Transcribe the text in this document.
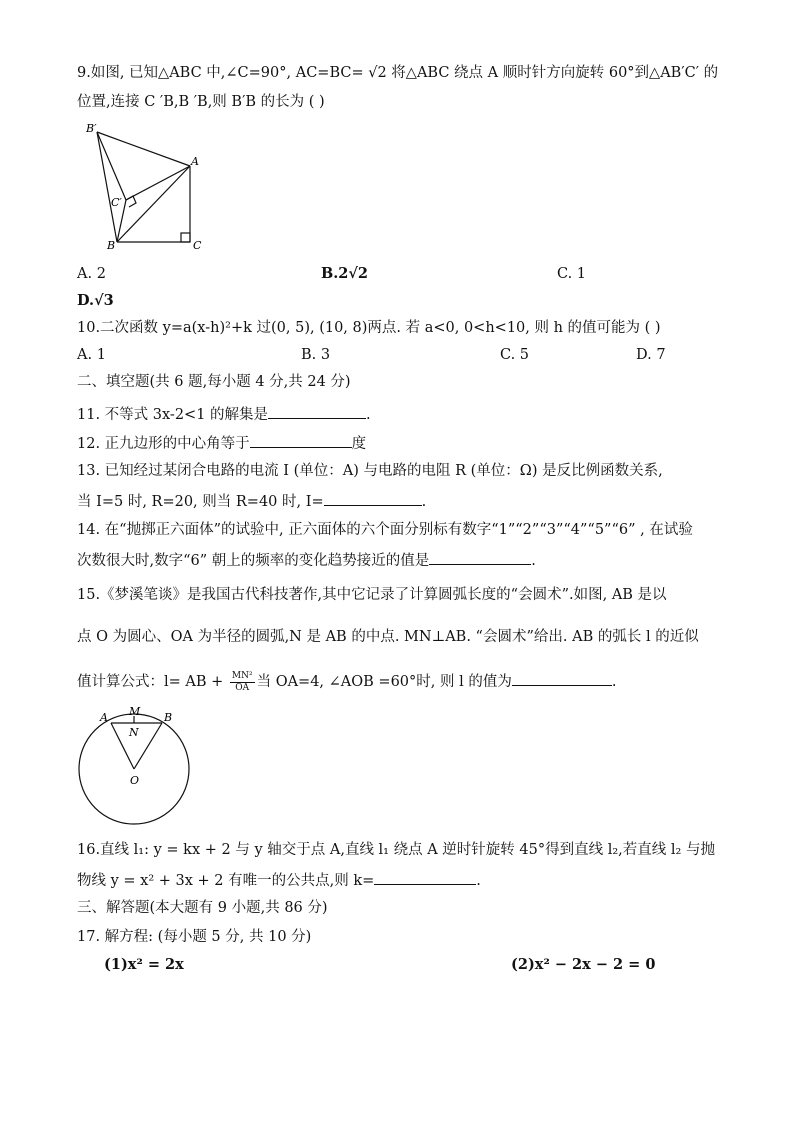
9.如图, 已知△ABC 中,∠C=90°, AC=BC= √2 将△ABC 绕点 A 顺时针方向旋转 60°到△AB′C′ 的
位置,连接 C ′B,B ′B,则 B′B 的长为 ( )
B′
A
C′
B	C
A. 2	B.2√2	C. 1
D.√3
10.二次函数 y=a(x-h)²+k 过(0, 5), (10, 8)两点. 若 a<0, 0<h<10, 则 h 的值可能为 ( )
A. 1	B. 3	C. 5	D. 7
二、填空题(共 6 题,每小题 4 分,共 24 分)
11. 不等式 3x-2<1 的解集是	.
12. 正九边形的中心角等于	度
13. 已知经过某闭合电路的电流 I (单位：A) 与电路的电阻 R (单位：Ω) 是反比例函数关系,
当 I=5 时, R=20, 则当 R=40 时, I=	.
14. 在“抛掷正六面体”的试验中, 正六面体的六个面分别标有数字“1”“2”“3”“4”“5”“6” , 在试验
次数很大时,数字“6” 朝上的频率的变化趋势接近的值是	.
15.《梦溪笔谈》是我国古代科技著作,其中它记录了计算圆弧长度的“会圆术”.如图, AB 是以
点 O 为圆心、OA 为半径的圆弧,N 是 AB 的中点. MN⊥AB. “会圆术”给出. AB 的弧长 l 的近似
值计算公式：l= AB + $\frac{\text{MN²}}{OA}$ 当 OA=4, ∠AOB =60°时, 则 l 的值为	.
A M B
N
O
16.直线 l₁: y = kx + 2 与 y 轴交于点 A,直线 l₁ 绕点 A 逆时针旋转 45°得到直线 l₂,若直线 l₂ 与抛
物线 y = x² + 3x + 2 有唯一的公共点,则 k=	.
三、解答题(本大题有 9 小题,共 86 分)
17. 解方程: (每小题 5 分, 共 10 分)
(1)x² = 2x	(2)x² − 2x − 2 = 0
